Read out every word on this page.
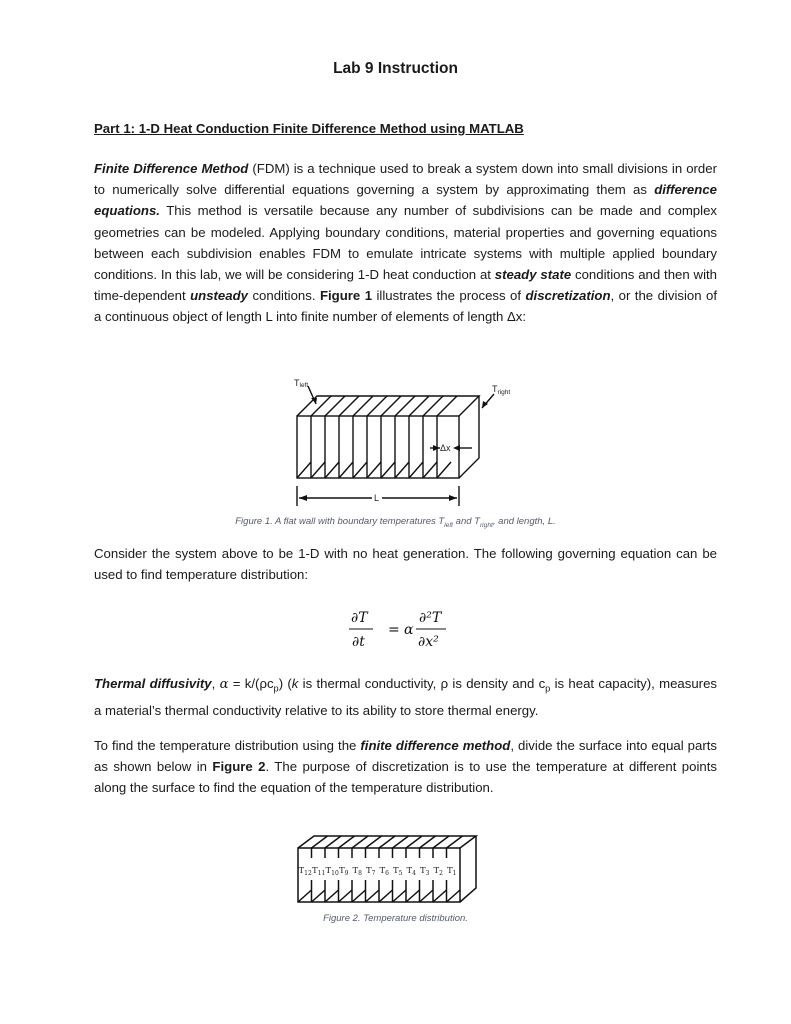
Lab 9 Instruction
Part 1: 1-D Heat Conduction Finite Difference Method using MATLAB

Finite Difference Method (FDM) is a technique used to break a system down into small divisions in order to numerically solve differential equations governing a system by approximating them as difference equations. This method is versatile because any number of subdivisions can be made and complex geometries can be modeled. Applying boundary conditions, material properties and governing equations between each subdivision enables FDM to emulate intricate systems with multiple applied boundary conditions. In this lab, we will be considering 1-D heat conduction at steady state conditions and then with time-dependent unsteady conditions. Figure 1 illustrates the process of discretization, or the division of a continuous object of length L into finite number of elements of length Δx:

Tleft	$T_{right}$
Δx
L
Figure 1. A flat wall with boundary temperatures $T_{left}$ and $T_{right}$, and length, L.

Consider the system above to be 1-D with no heat generation. The following governing equation can be used to find temperature distribution:

∂T
∂t
= α
∂²T
∂x²

Thermal diffusivity, $\alpha = k/(\rho c_p)$ (k is thermal conductivity, ρ is density and $c_p$ is heat capacity), measures a material’s thermal conductivity relative to its ability to store thermal energy.

To find the temperature distribution using the finite difference method, divide the surface into equal parts as shown below in Figure 2. The purpose of discretization is to use the temperature at different points along the surface to find the equation of the temperature distribution.

$T_{12}$ $T_{11}$ $T_{10}$ $T_9$ $T_8$ $T_7$ $T_6$ $T_5$ $T_4$ $T_3$ $T_2$ $T_1$
Figure 2. Temperature distribution.
